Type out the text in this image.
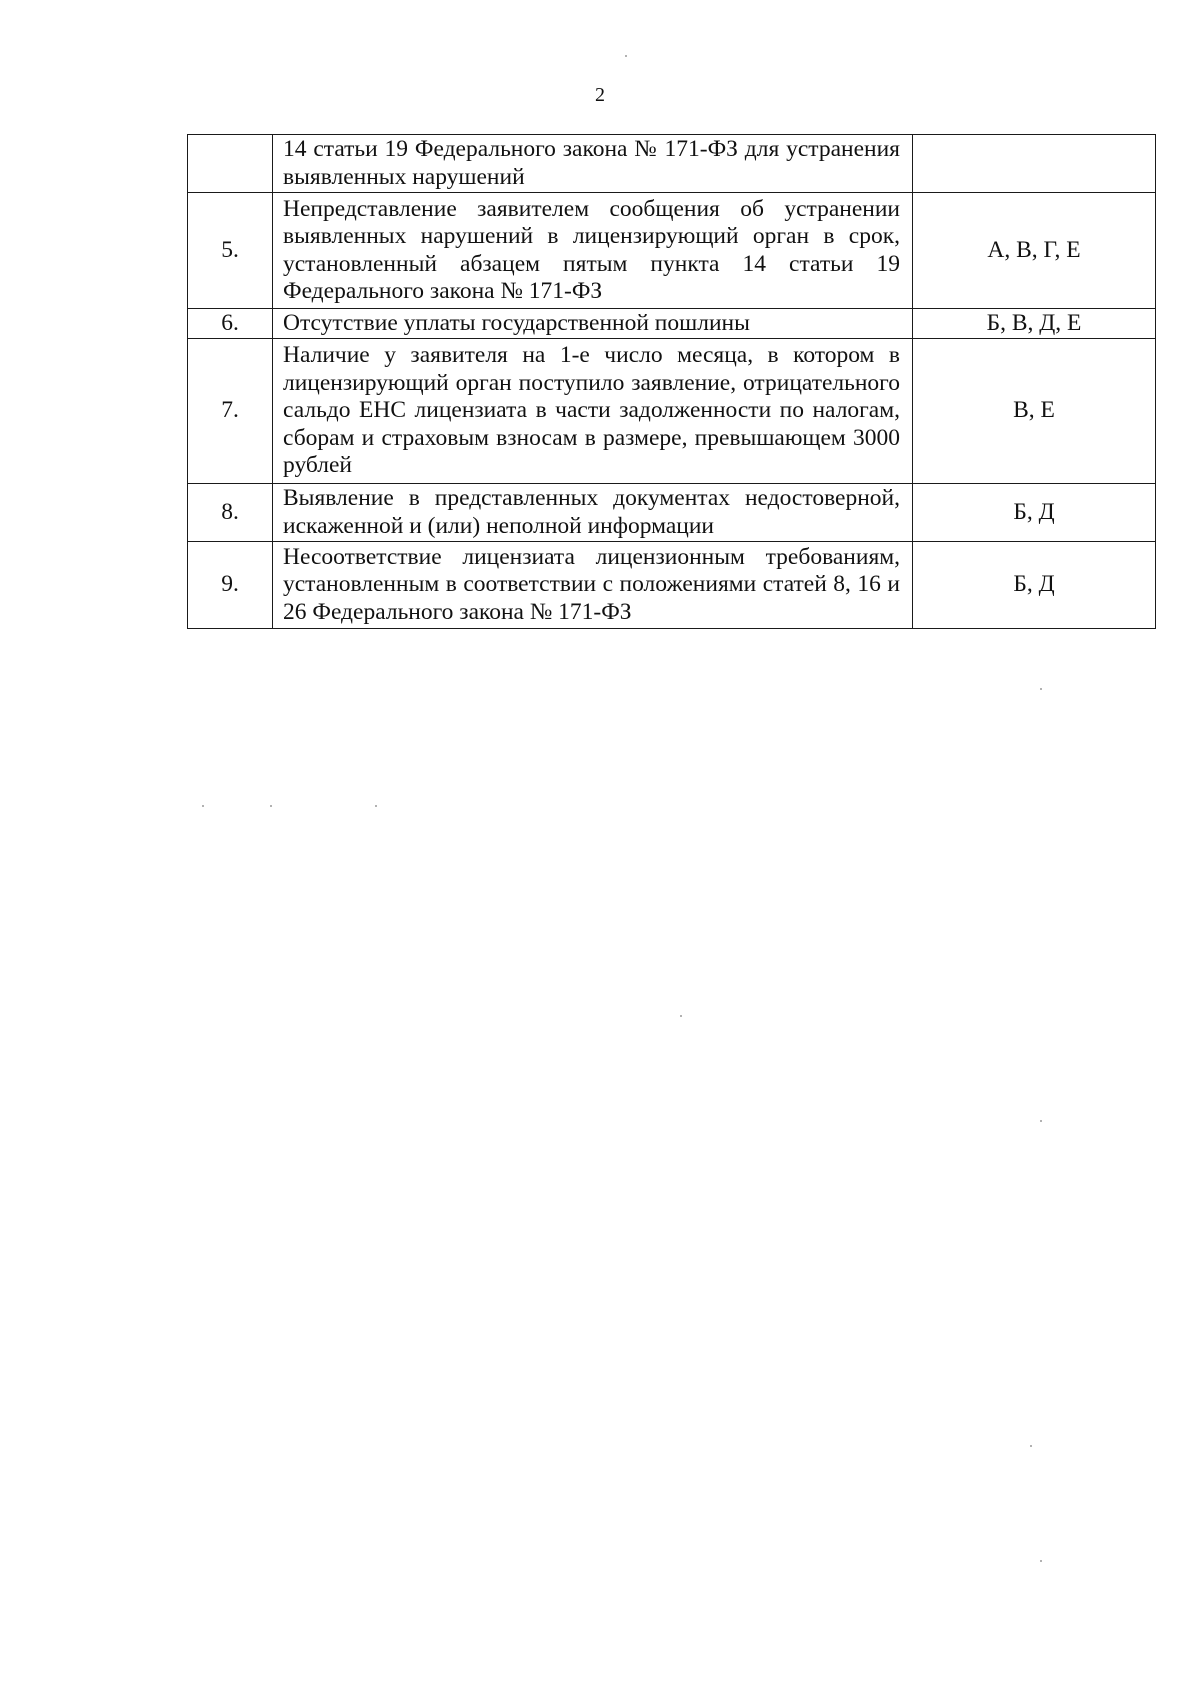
2
	14 статьи 19 Федерального закона № 171-ФЗ для устранения выявленных нарушений	
5.	Непредставление заявителем сообщения об устранении выявленных нарушений в лицензирующий орган в срок, установленный абзацем пятым пункта 14 статьи 19 Федерального закона № 171-ФЗ	А, В, Г, Е
6.	Отсутствие уплаты государственной пошлины	Б, В, Д, Е
7.	Наличие у заявителя на 1-е число месяца, в котором в лицензирующий орган поступило заявление, отрицательного сальдо ЕНС лицензиата в части задолженности по налогам, сборам и страховым взносам в размере, превышающем 3000 рублей	В, Е
8.	Выявление в представленных документах недостоверной, искаженной и (или) неполной информации	Б, Д
9.	Несоответствие лицензиата лицензионным требованиям, установленным в соответствии с положениями статей 8, 16 и 26 Федерального закона № 171-ФЗ	Б, Д
